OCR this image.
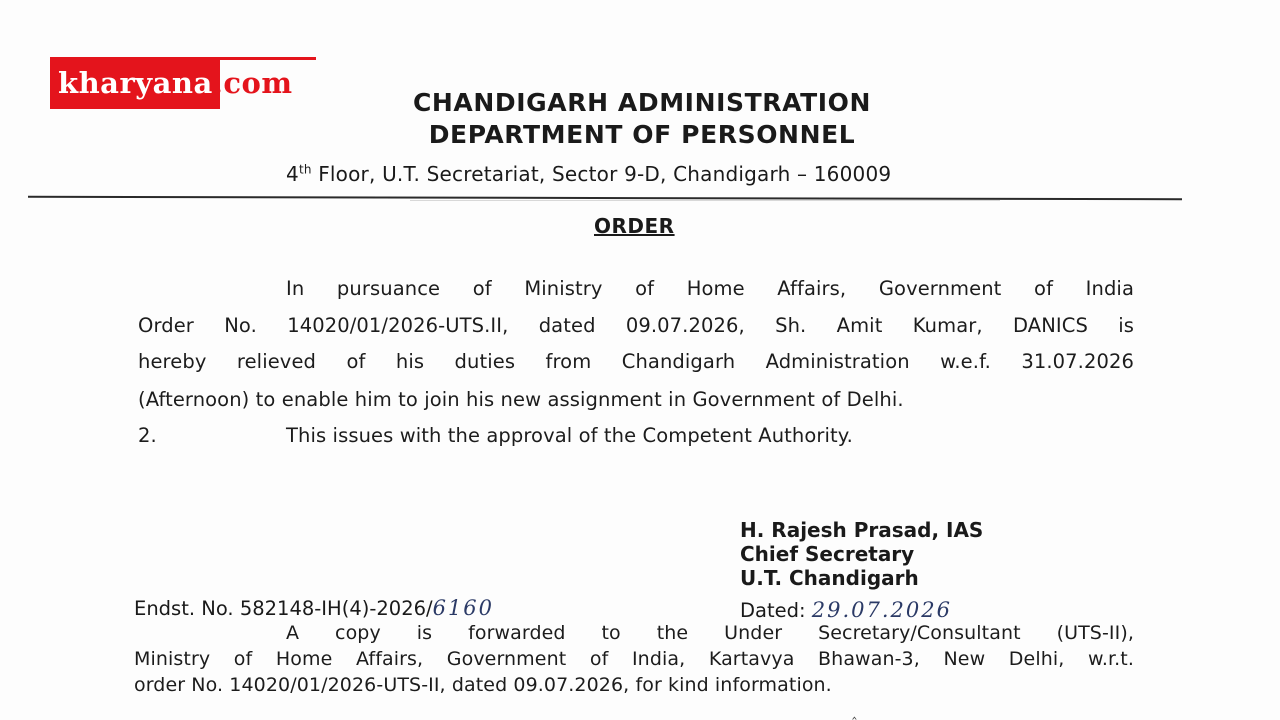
kharyana.com
CHANDIGARH ADMINISTRATION
DEPARTMENT OF PERSONNEL
4th Floor, U.T. Secretariat, Sector 9-D, Chandigarh – 160009
ORDER
In pursuance of Ministry of Home Affairs, Government of India
Order No. 14020/01/2026-UTS.II, dated 09.07.2026, Sh. Amit Kumar, DANICS is
hereby relieved of his duties from Chandigarh Administration w.e.f. 31.07.2026
(Afternoon) to enable him to join his new assignment in Government of Delhi.
2.	This issues with the approval of the Competent Authority.
H. Rajesh Prasad, IAS
Chief Secretary
U.T. Chandigarh
Endst. No. 582148-IH(4)-2026/6160	Dated: 29.07.2026
A copy is forwarded to the Under Secretary/Consultant (UTS-II),
Ministry of Home Affairs, Government of India, Kartavya Bhawan-3, New Delhi, w.r.t.
order No. 14020/01/2026-UTS-II, dated 09.07.2026, for kind information.
‸
